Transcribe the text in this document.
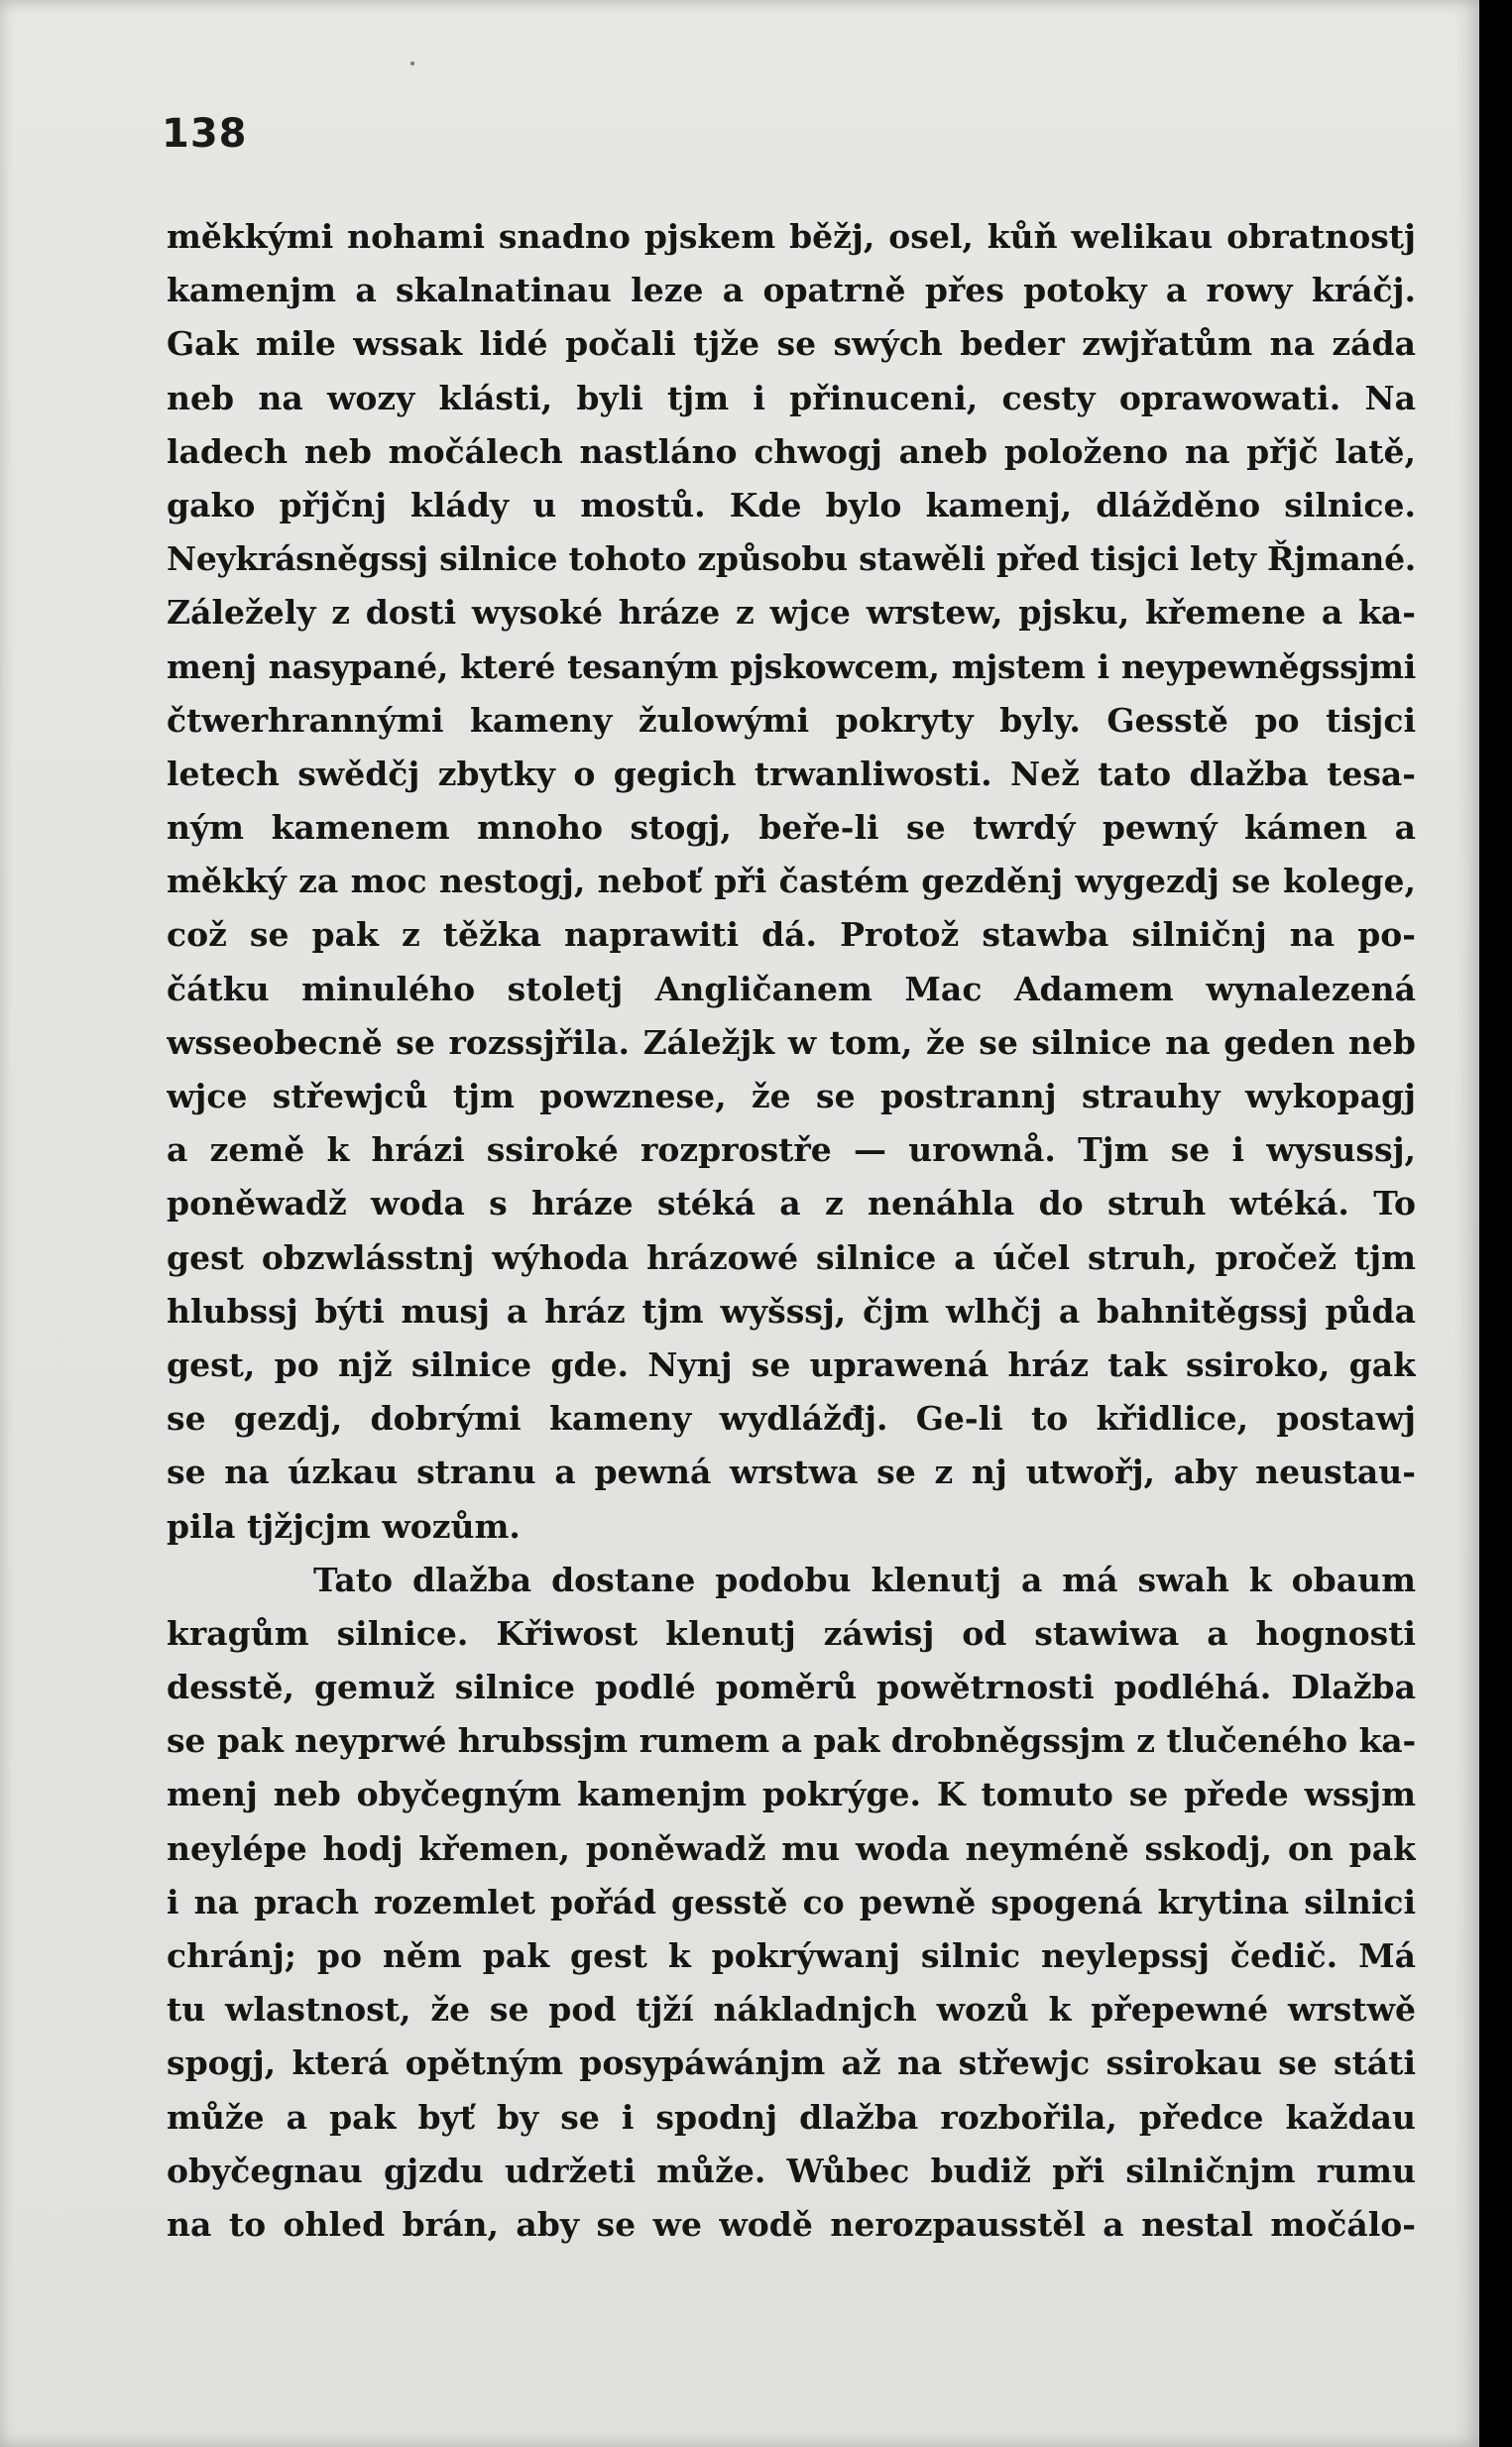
138
měkkými nohami snadno pjskem běžj, osel, kůň welikau obratnostj
kamenjm a skalnatinau leze a opatrně přes potoky a rowy kráčj.
Gak mile wssak lidé počali tjže se swých beder zwjřatům na záda
neb na wozy klásti, byli tjm i přinuceni, cesty oprawowati. Na
ladech neb močálech nastláno chwogj aneb položeno na přjč latě,
gako přjčnj klády u mostů. Kde bylo kamenj, dlážděno silnice.
Neykrásněgssj silnice tohoto způsobu stawěli před tisjci lety Řjmané.
Záležely z dosti wysoké hráze z wjce wrstew, pjsku, křemene a ka-
menj nasypané, které tesaným pjskowcem, mjstem i neypewněgssjmi
čtwerhrannými kameny žulowými pokryty byly. Gesstě po tisjci
letech swědčj zbytky o gegich trwanliwosti. Než tato dlažba tesa-
ným kamenem mnoho stogj, beře-li se twrdý pewný kámen a
měkký za moc nestogj, neboť při častém gezděnj wygezdj se kolege,
což se pak z těžka naprawiti dá. Protož stawba silničnj na po-
čátku minulého stoletj Angličanem Mac Adamem wynalezená
wsseobecně se rozssjřila. Záležjk w tom, že se silnice na geden neb
wjce střewjců tjm powznese, že se postrannj strauhy wykopagj
a země k hrázi ssiroké rozprostře — urownå. Tjm se i wysussj,
poněwadž woda s hráze stéká a z nenáhla do struh wtéká. To
gest obzwlásstnj wýhoda hrázowé silnice a účel struh, pročež tjm
hlubssj býti musj a hráz tjm wyšssj, čjm wlhčj a bahnitěgssj půda
gest, po njž silnice gde. Nynj se uprawená hráz tak ssiroko, gak
se gezdj, dobrými kameny wydlážđj. Ge-li to křidlice, postawj
se na úzkau stranu a pewná wrstwa se z nj utwořj, aby neustau-
pila tjžjcjm wozům.
Tato dlažba dostane podobu klenutj a má swah k obaum
kragům silnice. Křiwost klenutj záwisj od stawiwa a hognosti
desstě, gemuž silnice podlé poměrů powětrnosti podléhá. Dlažba
se pak neyprwé hrubssjm rumem a pak drobněgssjm z tlučeného ka-
menj neb obyčegným kamenjm pokrýge. K tomuto se přede wssjm
neylépe hodj křemen, poněwadž mu woda neyméně sskodj, on pak
i na prach rozemlet pořád gesstě co pewně spogená krytina silnici
chránj; po něm pak gest k pokrýwanj silnic neylepssj čedič. Má
tu wlastnost, že se pod tjží nákladnjch wozů k přepewné wrstwě
spogj, která opětným posypáwánjm až na střewjc ssirokau se státi
může a pak byť by se i spodnj dlažba rozbořila, předce každau
obyčegnau gjzdu udržeti může. Wůbec budiž při silničnjm rumu
na to ohled brán, aby se we wodě nerozpausstěl a nestal močálo-
